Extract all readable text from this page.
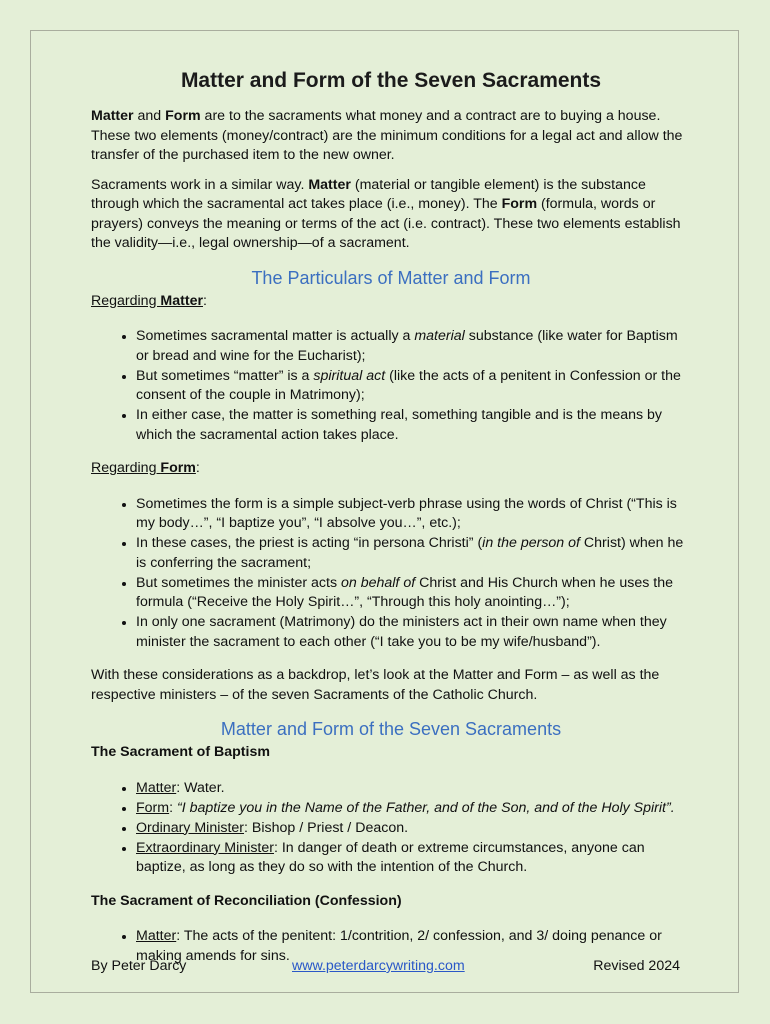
Matter and Form of the Seven Sacraments

Matter and Form are to the sacraments what money and a contract are to buying a house. These two elements (money/contract) are the minimum conditions for a legal act and allow the transfer of the purchased item to the new owner.

Sacraments work in a similar way. Matter (material or tangible element) is the substance through which the sacramental act takes place (i.e., money). The Form (formula, words or prayers) conveys the meaning or terms of the act (i.e. contract). These two elements establish the validity—i.e., legal ownership—of a sacrament.

The Particulars of Matter and Form
Regarding Matter:
• Sometimes sacramental matter is actually a material substance (like water for Baptism or bread and wine for the Eucharist);
• But sometimes “matter” is a spiritual act (like the acts of a penitent in Confession or the consent of the couple in Matrimony);
• In either case, the matter is something real, something tangible and is the means by which the sacramental action takes place.
Regarding Form:
• Sometimes the form is a simple subject-verb phrase using the words of Christ (“This is my body…”, “I baptize you”, “I absolve you…”, etc.);
• In these cases, the priest is acting “in persona Christi” (in the person of Christ) when he is conferring the sacrament;
• But sometimes the minister acts on behalf of Christ and His Church when he uses the formula (“Receive the Holy Spirit…”, “Through this holy anointing…”);
• In only one sacrament (Matrimony) do the ministers act in their own name when they minister the sacrament to each other (“I take you to be my wife/husband”).

With these considerations as a backdrop, let’s look at the Matter and Form – as well as the respective ministers – of the seven Sacraments of the Catholic Church.

Matter and Form of the Seven Sacraments
The Sacrament of Baptism
• Matter: Water.
• Form: “I baptize you in the Name of the Father, and of the Son, and of the Holy Spirit”.
• Ordinary Minister: Bishop / Priest / Deacon.
• Extraordinary Minister: In danger of death or extreme circumstances, anyone can baptize, as long as they do so with the intention of the Church.
The Sacrament of Reconciliation (Confession)
• Matter: The acts of the penitent: 1/contrition, 2/ confession, and 3/ doing penance or making amends for sins.
By Peter Darcy	www.peterdarcywriting.com	Revised 2024
